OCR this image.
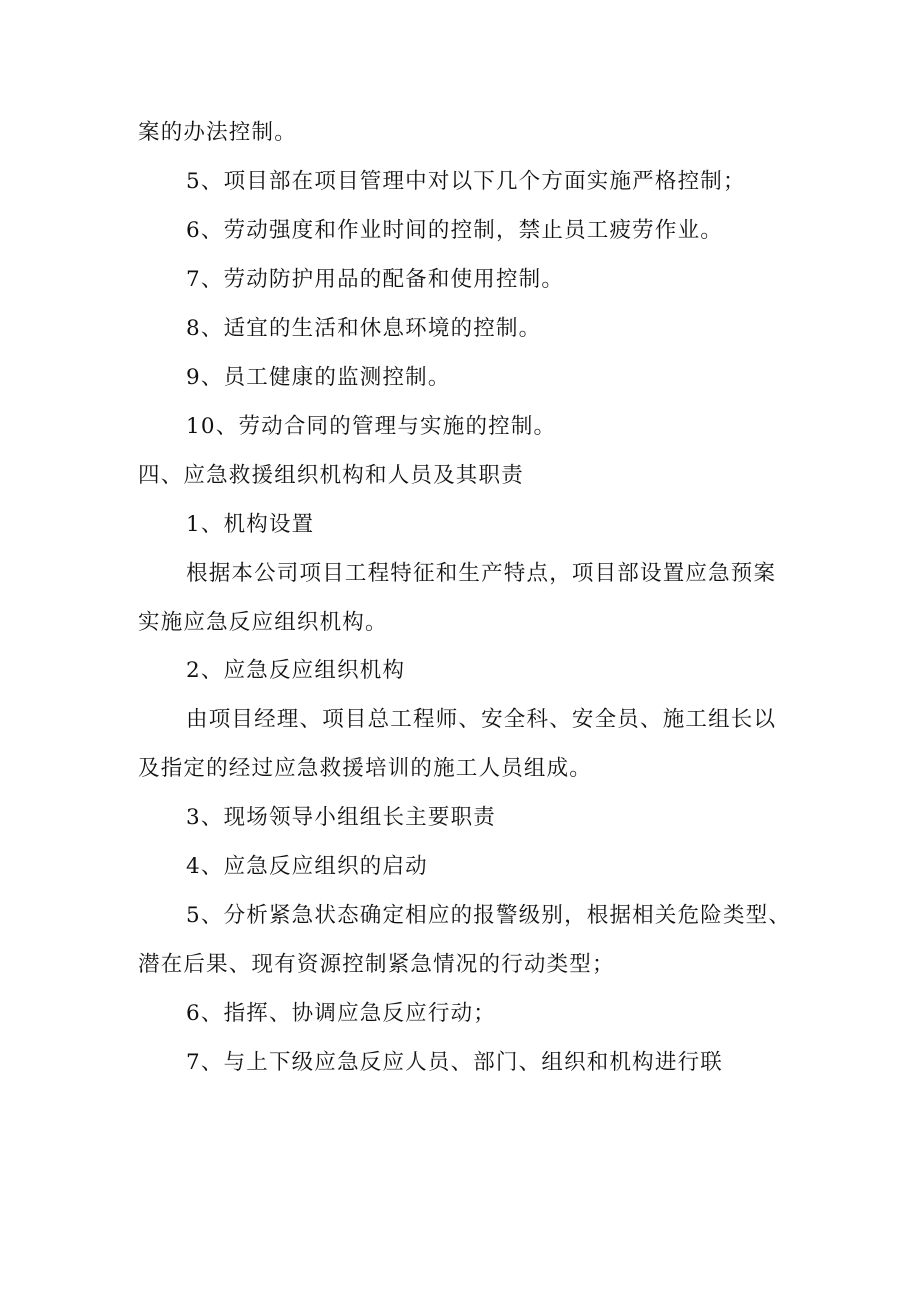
案的办法控制。
5、项目部在项目管理中对以下几个方面实施严格控制；
6、劳动强度和作业时间的控制，禁止员工疲劳作业。
7、劳动防护用品的配备和使用控制。
8、适宜的生活和休息环境的控制。
9、员工健康的监测控制。
10、劳动合同的管理与实施的控制。
四、应急救援组织机构和人员及其职责
1、机构设置
根据本公司项目工程特征和生产特点，项目部设置应急预案
实施应急反应组织机构。
2、应急反应组织机构
由项目经理、项目总工程师、安全科、安全员、施工组长以
及指定的经过应急救援培训的施工人员组成。
3、现场领导小组组长主要职责
4、应急反应组织的启动
5、分析紧急状态确定相应的报警级别，根据相关危险类型、
潜在后果、现有资源控制紧急情况的行动类型；
6、指挥、协调应急反应行动；
7、与上下级应急反应人员、部门、组织和机构进行联
